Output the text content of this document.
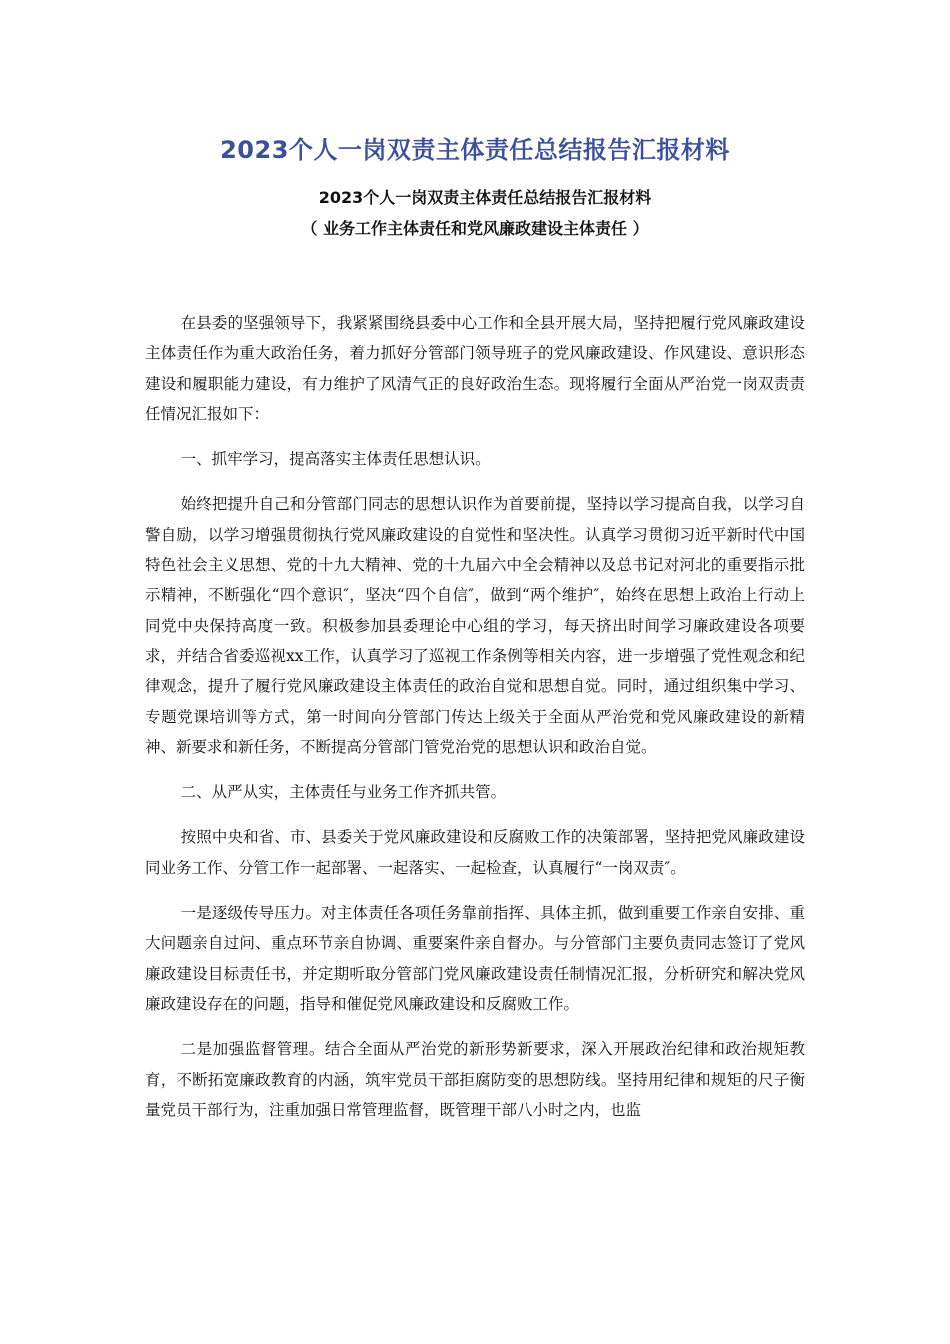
2023个人一岗双责主体责任总结报告汇报材料
2023个人一岗双责主体责任总结报告汇报材料
（ 业务工作主体责任和党风廉政建设主体责任 ）

在县委的坚强领导下，我紧紧围绕县委中心工作和全县开展大局，坚持把履行党风廉政建设主体责任作为重大政治任务，着力抓好分管部门领导班子的党风廉政建设、作风建设、意识形态建设和履职能力建设，有力维护了风清气正的良好政治生态。现将履行全面从严治党一岗双责责任情况汇报如下：

一、抓牢学习，提高落实主体责任思想认识。

始终把提升自己和分管部门同志的思想认识作为首要前提，坚持以学习提高自我，以学习自警自励，以学习增强贯彻执行党风廉政建设的自觉性和坚决性。认真学习贯彻习近平新时代中国特色社会主义思想、党的十九大精神、党的十九届六中全会精神以及总书记对河北的重要指示批示精神，不断强化“四个意识″，坚决“四个自信″，做到“两个维护″，始终在思想上政治上行动上同党中央保持高度一致。积极参加县委理论中心组的学习，每天挤出时间学习廉政建设各项要求，并结合省委巡视xx工作，认真学习了巡视工作条例等相关内容，进一步增强了党性观念和纪律观念，提升了履行党风廉政建设主体责任的政治自觉和思想自觉。同时，通过组织集中学习、专题党课培训等方式，第一时间向分管部门传达上级关于全面从严治党和党风廉政建设的新精神、新要求和新任务，不断提高分管部门管党治党的思想认识和政治自觉。

二、从严从实，主体责任与业务工作齐抓共管。

按照中央和省、市、县委关于党风廉政建设和反腐败工作的决策部署，坚持把党风廉政建设同业务工作、分管工作一起部署、一起落实、一起检查，认真履行“一岗双责″。

一是逐级传导压力。对主体责任各项任务靠前指挥、具体主抓，做到重要工作亲自安排、重大问题亲自过问、重点环节亲自协调、重要案件亲自督办。与分管部门主要负责同志签订了党风廉政建设目标责任书，并定期听取分管部门党风廉政建设责任制情况汇报，分析研究和解决党风廉政建设存在的问题，指导和催促党风廉政建设和反腐败工作。

二是加强监督管理。结合全面从严治党的新形势新要求，深入开展政治纪律和政治规矩教育，不断拓宽廉政教育的内涵，筑牢党员干部拒腐防变的思想防线。坚持用纪律和规矩的尺子衡量党员干部行为，注重加强日常管理监督，既管理干部八小时之内，也监
